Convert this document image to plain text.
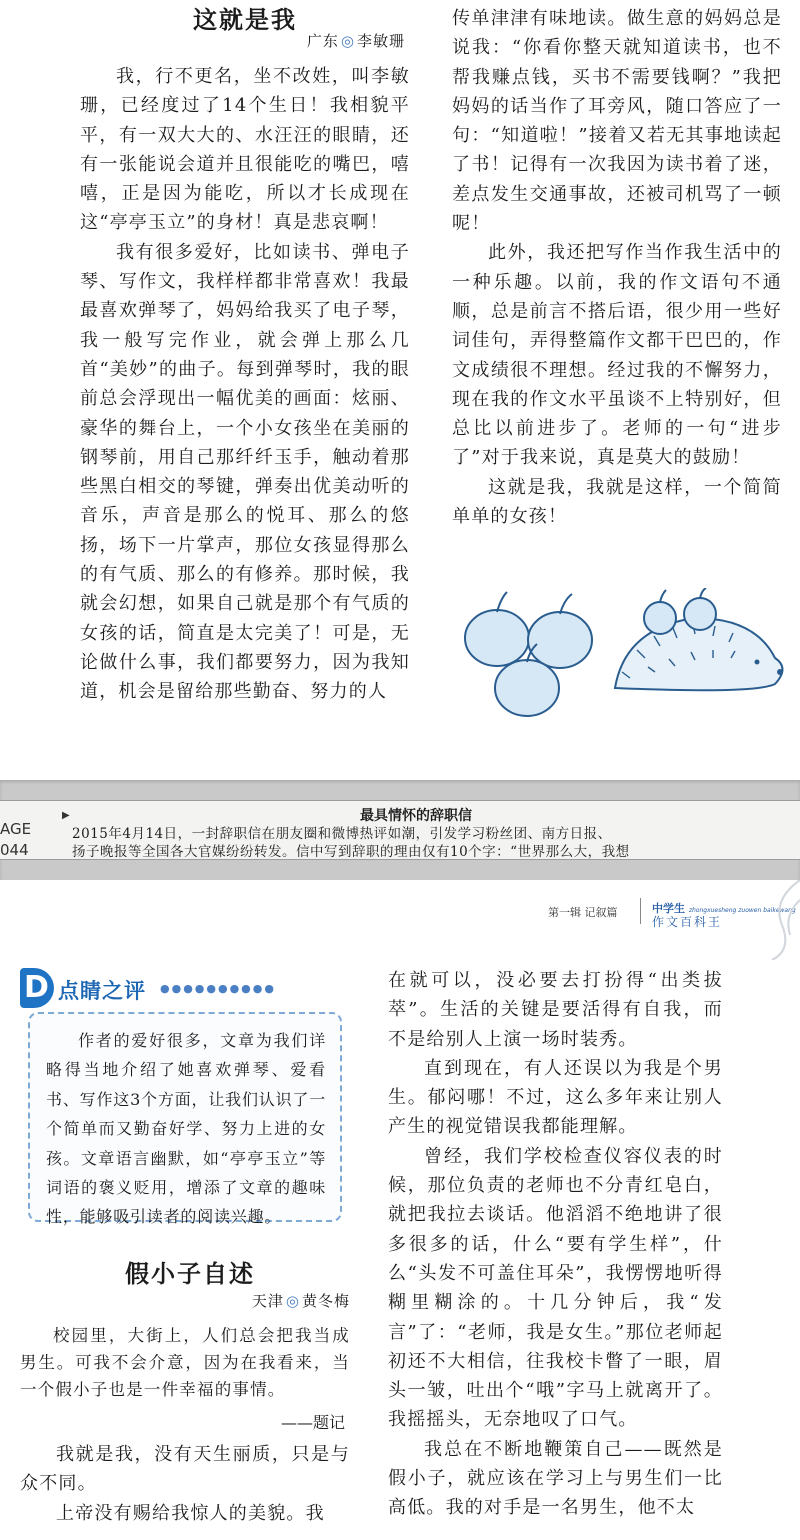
这就是我
广东 ◎ 李敏珊

我，行不更名，坐不改姓，叫李敏珊，已经度过了14个生日！我相貌平平，有一双大大的、水汪汪的眼睛，还有一张能说会道并且很能吃的嘴巴，嘻嘻，正是因为能吃，所以才长成现在这“亭亭玉立”的身材！真是悲哀啊！

我有很多爱好，比如读书、弹电子琴、写作文，我样样都非常喜欢！我最最喜欢弹琴了，妈妈给我买了电子琴，我一般写完作业，就会弹上那么几首“美妙”的曲子。每到弹琴时，我的眼前总会浮现出一幅优美的画面：炫丽、豪华的舞台上，一个小女孩坐在美丽的钢琴前，用自己那纤纤玉手，触动着那些黑白相交的琴键，弹奏出优美动听的音乐，声音是那么的悦耳、那么的悠扬，场下一片掌声，那位女孩显得那么的有气质、那么的有修养。那时候，我就会幻想，如果自己就是那个有气质的女孩的话，简直是太完美了！可是，无论做什么事，我们都要努力，因为我知道，机会是留给那些勤奋、努力的人

传单津津有味地读。做生意的妈妈总是说我：“你看你整天就知道读书，也不帮我赚点钱，买书不需要钱啊？”我把妈妈的话当作了耳旁风，随口答应了一句：“知道啦！”接着又若无其事地读起了书！记得有一次我因为读书着了迷，差点发生交通事故，还被司机骂了一顿呢！

此外，我还把写作当作我生活中的一种乐趣。以前，我的作文语句不通顺，总是前言不搭后语，很少用一些好词佳句，弄得整篇作文都干巴巴的，作文成绩很不理想。经过我的不懈努力，现在我的作文水平虽谈不上特别好，但总比以前进步了。老师的一句“进步了”对于我来说，真是莫大的鼓励！

这就是我，我就是这样，一个简简单单的女孩！

AGE
044
▶	最具情怀的辞职信
2015年4月14日，一封辞职信在朋友圈和微博热评如潮，引发学习粉丝团、南方日报、
扬子晚报等全国各大官媒纷纷转发。信中写到辞职的理由仅有10个字：“世界那么大，我想
第一辑 记叙篇	中学生 zhongxuesheng zuowen baikewang
作文百科王
D 点睛之评 ●●●●●●●●●●

作者的爱好很多，文章为我们详略得当地介绍了她喜欢弹琴、爱看书、写作这3个方面，让我们认识了一个简单而又勤奋好学、努力上进的女孩。文章语言幽默，如“亭亭玉立”等词语的褒义贬用，增添了文章的趣味性，能够吸引读者的阅读兴趣。

假小子自述
天津 ◎ 黄冬梅

校园里，大街上，人们总会把我当成男生。可我不会介意，因为在我看来，当一个假小子也是一件幸福的事情。

——题记

我就是我，没有天生丽质，只是与众不同。

上帝没有赐给我惊人的美貌。我

在就可以，没必要去打扮得“出类拔萃”。生活的关键是要活得有自我，而不是给别人上演一场时装秀。

直到现在，有人还误以为我是个男生。郁闷哪！不过，这么多年来让别人产生的视觉错误我都能理解。

曾经，我们学校检查仪容仪表的时候，那位负责的老师也不分青红皂白，就把我拉去谈话。他滔滔不绝地讲了很多很多的话，什么“要有学生样”，什么“头发不可盖住耳朵”，我愣愣地听得糊里糊涂的。十几分钟后，我“发言”了：“老师，我是女生。”那位老师起初还不大相信，往我校卡瞥了一眼，眉头一皱，吐出个“哦”字马上就离开了。我摇摇头，无奈地叹了口气。

我总在不断地鞭策自己——既然是假小子，就应该在学习上与男生们一比高低。我的对手是一名男生，他不太
